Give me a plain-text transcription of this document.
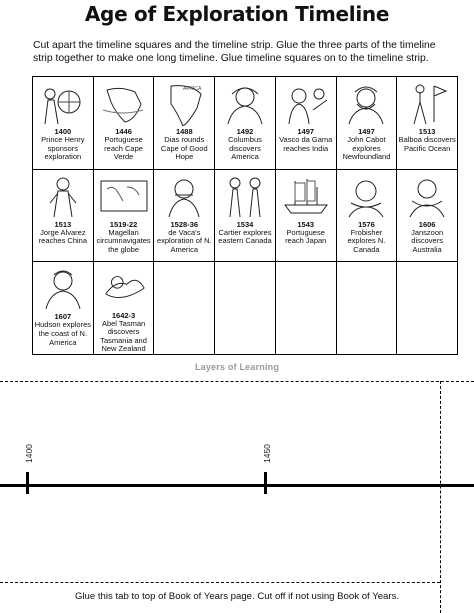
Age of Exploration Timeline
Cut apart the timeline squares and the timeline strip. Glue the three parts of the timeline strip together to make one long timeline. Glue timeline squares on to the timeline strip.
1400
Prince Henry sponsors exploration
1446
Portuguese reach Cape Verde
AFRICA
1488
Dias rounds Cape of Good Hope
1492
Columbus discovers America
1497
Vasco da Gama reaches India
1497
John Cabot explores Newfoundland
1513
Balboa discovers Pacific Ocean
1513
Jorge Alvarez reaches China
1519-22
Magellan circumnavigates the globe
1528-36
de Vaca's exploration of N. America
1534
Cartier explores eastern Canada
1543
Portuguese reach Japan
1576
Frobisher explores N. Canada
1606
Janszoon discovers Australia
1607
Hudson explores the coast of N. America
1642-3
Abel Tasman discovers Tasmania and New Zealand
Layers of Learning
1400	1450
Glue this tab to top of Book of Years page. Cut off if not using Book of Years.
